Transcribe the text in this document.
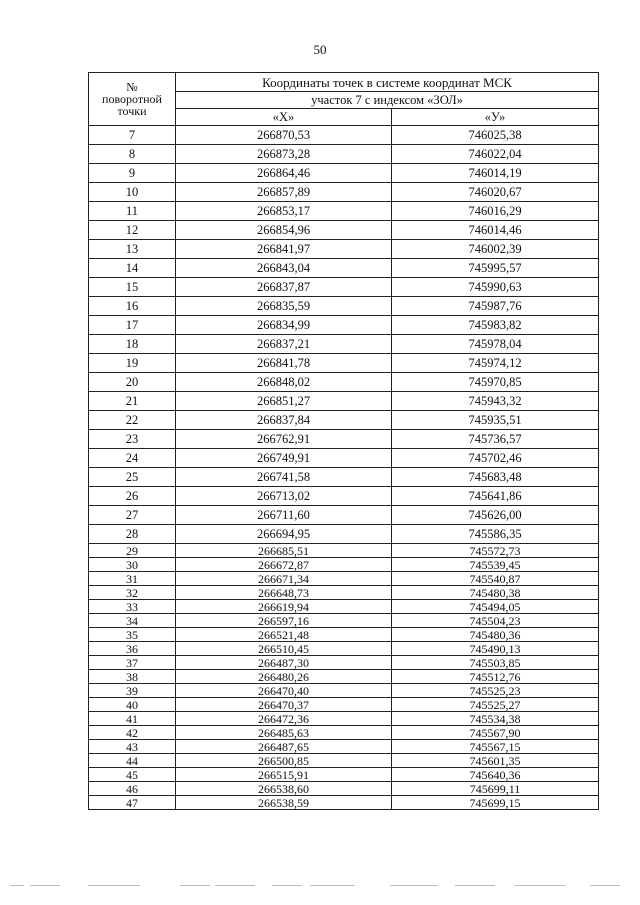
50
№
поворотной
точки	Координаты точек в системе координат МСК	
	участок 7 с индексом «ЗОЛ»	
	«Х»	«У»
7	266870,53	746025,38
8	266873,28	746022,04
9	266864,46	746014,19
10	266857,89	746020,67
11	266853,17	746016,29
12	266854,96	746014,46
13	266841,97	746002,39
14	266843,04	745995,57
15	266837,87	745990,63
16	266835,59	745987,76
17	266834,99	745983,82
18	266837,21	745978,04
19	266841,78	745974,12
20	266848,02	745970,85
21	266851,27	745943,32
22	266837,84	745935,51
23	266762,91	745736,57
24	266749,91	745702,46
25	266741,58	745683,48
26	266713,02	745641,86
27	266711,60	745626,00
28	266694,95	745586,35
29	266685,51	745572,73
30	266672,87	745539,45
31	266671,34	745540,87
32	266648,73	745480,38
33	266619,94	745494,05
34	266597,16	745504,23
35	266521,48	745480,36
36	266510,45	745490,13
37	266487,30	745503,85
38	266480,26	745512,76
39	266470,40	745525,23
40	266470,37	745525,27
41	266472,36	745534,38
42	266485,63	745567,90
43	266487,65	745567,15
44	266500,85	745601,35
45	266515,91	745640,36
46	266538,60	745699,11
47	266538,59	745699,15
